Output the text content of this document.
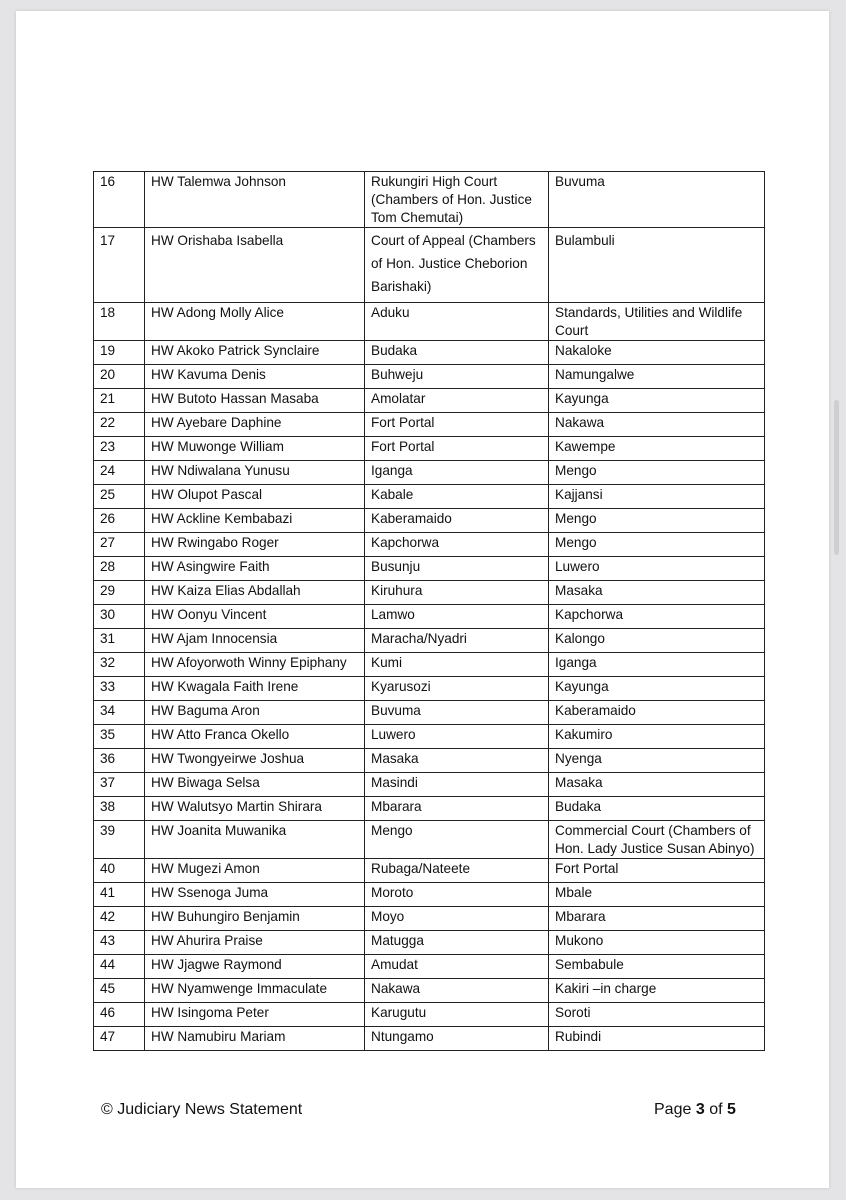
16	HW Talemwa Johnson	Rukungiri High Court (Chambers of Hon. Justice Tom Chemutai)	Buvuma
17	HW Orishaba Isabella	Court of Appeal (Chambers of Hon. Justice Cheborion Barishaki)	Bulambuli
18	HW Adong Molly Alice	Aduku	Standards, Utilities and Wildlife Court
19	HW Akoko Patrick Synclaire	Budaka	Nakaloke
20	HW Kavuma Denis	Buhweju	Namungalwe
21	HW Butoto Hassan Masaba	Amolatar	Kayunga
22	HW Ayebare Daphine	Fort Portal	Nakawa
23	HW Muwonge William	Fort Portal	Kawempe
24	HW Ndiwalana Yunusu	Iganga	Mengo
25	HW Olupot Pascal	Kabale	Kajjansi
26	HW Ackline Kembabazi	Kaberamaido	Mengo
27	HW Rwingabo Roger	Kapchorwa	Mengo
28	HW Asingwire Faith	Busunju	Luwero
29	HW Kaiza Elias Abdallah	Kiruhura	Masaka
30	HW Oonyu Vincent	Lamwo	Kapchorwa
31	HW Ajam Innocensia	Maracha/Nyadri	Kalongo
32	HW Afoyorwoth Winny Epiphany	Kumi	Iganga
33	HW Kwagala Faith Irene	Kyarusozi	Kayunga
34	HW Baguma Aron	Buvuma	Kaberamaido
35	HW Atto Franca Okello	Luwero	Kakumiro
36	HW Twongyeirwe Joshua	Masaka	Nyenga
37	HW Biwaga Selsa	Masindi	Masaka
38	HW Walutsyo Martin Shirara	Mbarara	Budaka
39	HW Joanita Muwanika	Mengo	Commercial Court (Chambers of Hon. Lady Justice Susan Abinyo)
40	HW Mugezi Amon	Rubaga/Nateete	Fort Portal
41	HW Ssenoga Juma	Moroto	Mbale
42	HW Buhungiro Benjamin	Moyo	Mbarara
43	HW Ahurira Praise	Matugga	Mukono
44	HW Jjagwe Raymond	Amudat	Sembabule
45	HW Nyamwenge Immaculate	Nakawa	Kakiri –in charge
46	HW Isingoma Peter	Karugutu	Soroti
47	HW Namubiru Mariam	Ntungamo	Rubindi
© Judiciary News Statement	Page 3 of 5
